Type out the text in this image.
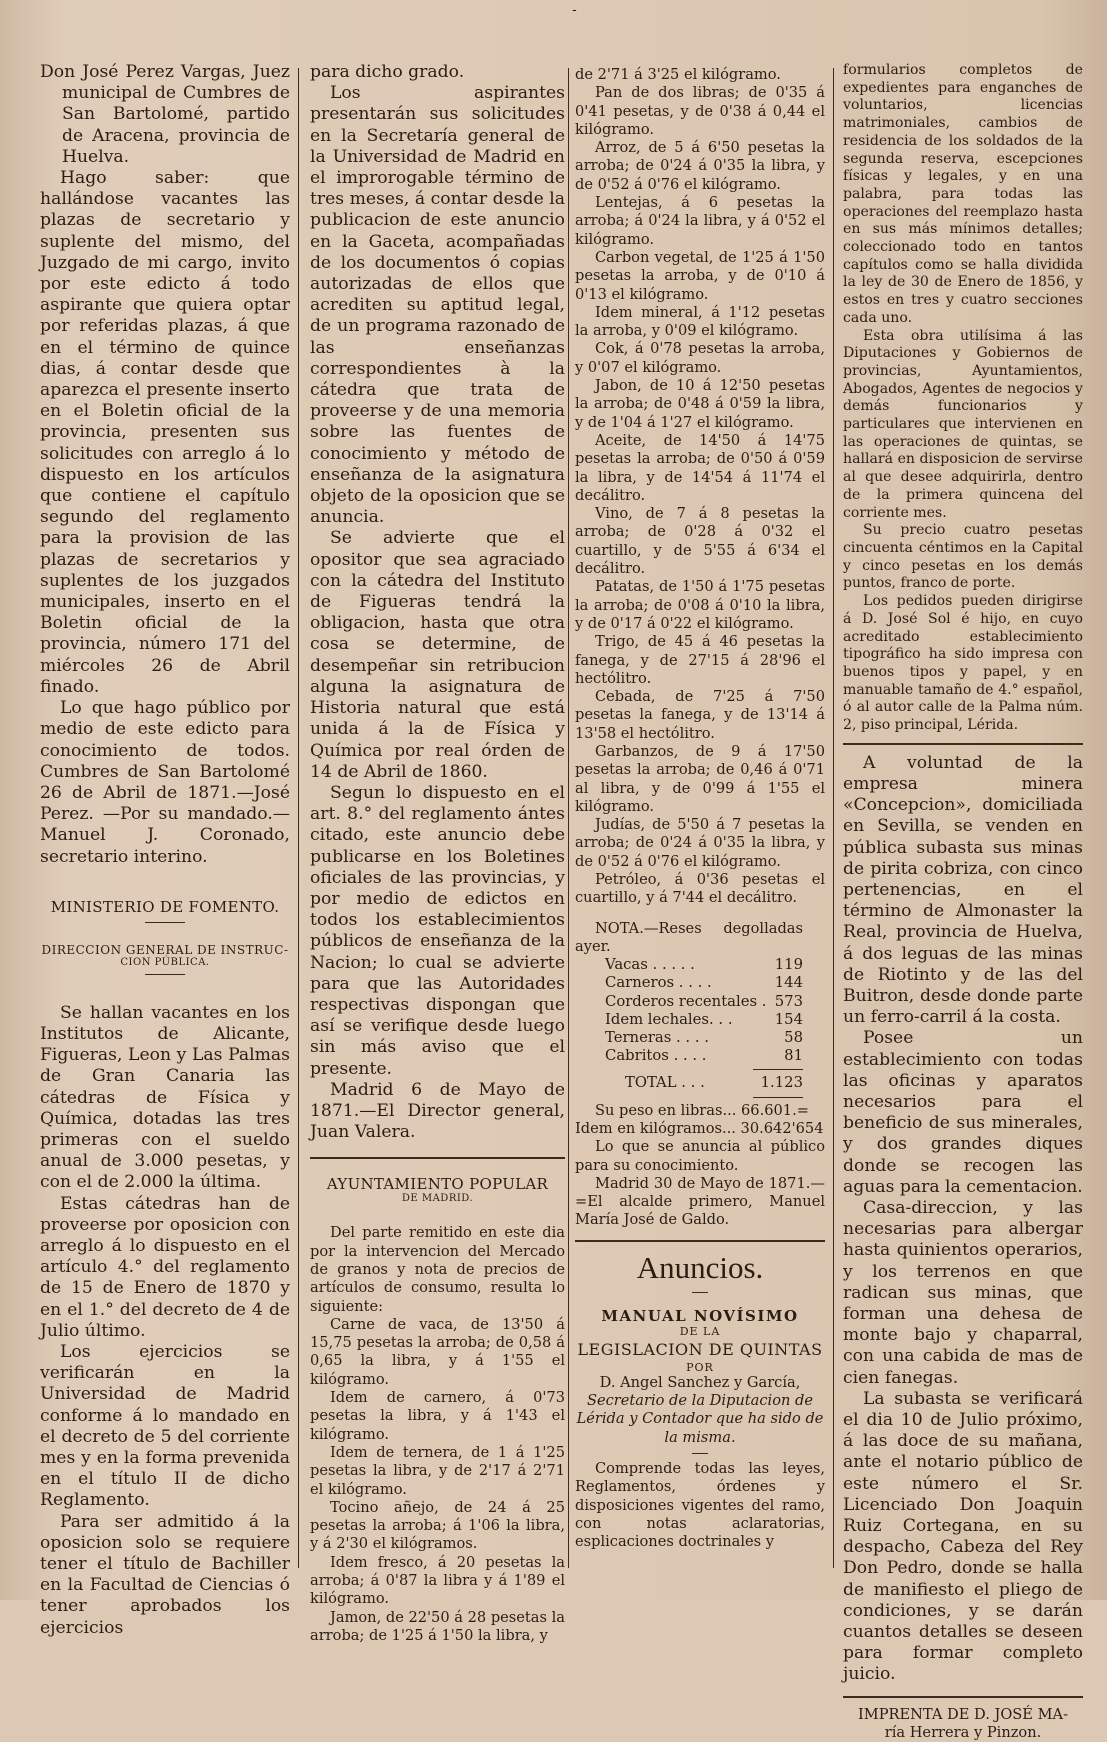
-

Don José Perez Vargas, Juez municipal de Cumbres de San Bartolomé, partido de Aracena, provincia de Huelva.

Hago saber: que hallándose vacantes las plazas de secretario y suplente del mismo, del Juzgado de mi cargo, invito por este edicto á todo aspirante que quiera optar por referidas plazas, á que en el término de quince dias, á contar desde que aparezca el presente inserto en el Boletin oficial de la provincia, presenten sus solicitudes con arreglo á lo dispuesto en los artículos que contiene el capítulo segundo del reglamento para la provision de las plazas de secretarios y suplentes de los juzgados municipales, inserto en el Boletin oficial de la provincia, número 171 del miércoles 26 de Abril finado.

Lo que hago público por medio de este edicto para conocimiento de todos. Cumbres de San Bartolomé 26 de Abril de 1871.—José Perez. —Por su mandado.—Manuel J. Coronado, secretario interino.

MINISTERIO DE FOMENTO.

DIRECCION GENERAL DE INSTRUC-

CION PÚBLICA.

Se hallan vacantes en los Institutos de Alicante, Figueras, Leon y Las Palmas de Gran Canaria las cátedras de Física y Química, dotadas las tres primeras con el sueldo anual de 3.000 pesetas, y con el de 2.000 la última.

Estas cátedras han de proveerse por oposicion con arreglo á lo dispuesto en el artículo 4.° del reglamento de 15 de Enero de 1870 y en el 1.° del decreto de 4 de Julio último.

Los ejercicios se verificarán en la Universidad de Madrid conforme á lo mandado en el decreto de 5 del corriente mes y en la forma prevenida en el título II de dicho Reglamento.

Para ser admitido á la oposicion solo se requiere tener el título de Bachiller en la Facultad de Ciencias ó tener aprobados los ejercicios

para dicho grado.

Los aspirantes presentarán sus solicitudes en la Secretaría general de la Universidad de Madrid en el improrogable término de tres meses, á contar desde la publicacion de este anuncio en la Gaceta, acompañadas de los documentos ó copias autorizadas de ellos que acrediten su aptitud legal, de un programa razonado de las enseñanzas correspondientes à la cátedra que trata de proveerse y de una memoria sobre las fuentes de conocimiento y método de enseñanza de la asignatura objeto de la oposicion que se anuncia.

Se advierte que el opositor que sea agraciado con la cátedra del Instituto de Figueras tendrá la obligacion, hasta que otra cosa se determine, de desempeñar sin retribucion alguna la asignatura de Historia natural que está unida á la de Física y Química por real órden de 14 de Abril de 1860.

Segun lo dispuesto en el art. 8.° del reglamento ántes citado, este anuncio debe publicarse en los Boletines oficiales de las provincias, y por medio de edictos en todos los establecimientos públicos de enseñanza de la Nacion; lo cual se advierte para que las Autoridades respectivas dispongan que así se verifique desde luego sin más aviso que el presente.

Madrid 6 de Mayo de 1871.—El Director general, Juan Valera.

AYUNTAMIENTO POPULAR

DE MADRID.

Del parte remitido en este dia por la intervencion del Mercado de granos y nota de precios de artículos de consumo, resulta lo siguiente:

Carne de vaca, de 13'50 á 15,75 pesetas la arroba; de 0,58 á 0,65 la libra, y á 1'55 el kilógramo.

Idem de carnero, á 0'73 pesetas la libra, y á 1'43 el kilógramo.

Idem de ternera, de 1 á 1'25 pesetas la libra, y de 2'17 á 2'71 el kilógramo.

Tocino añejo, de 24 á 25 pesetas la arroba; á 1'06 la libra, y á 2'30 el kilógramos.

Idem fresco, á 20 pesetas la arroba; á 0'87 la libra y á 1'89 el kilógramo.

Jamon, de 22'50 á 28 pesetas la arroba; de 1'25 á 1'50 la libra, y

de 2'71 á 3'25 el kilógramo.

Pan de dos libras; de 0'35 á 0'41 pesetas, y de 0'38 á 0,44 el kilógramo.

Arroz, de 5 á 6'50 pesetas la arroba; de 0'24 á 0'35 la libra, y de 0'52 á 0'76 el kilógramo.

Lentejas, á 6 pesetas la arroba; á 0'24 la libra, y á 0'52 el kilógramo.

Carbon vegetal, de 1'25 á 1'50 pesetas la arroba, y de 0'10 á 0'13 el kilógramo.

Idem mineral, á 1'12 pesetas la arroba, y 0'09 el kilógramo.

Cok, á 0'78 pesetas la arroba, y 0'07 el kilógramo.

Jabon, de 10 á 12'50 pesetas la arroba; de 0'48 á 0'59 la libra, y de 1'04 á 1'27 el kilógramo.

Aceite, de 14'50 á 14'75 pesetas la arroba; de 0'50 á 0'59 la libra, y de 14'54 á 11'74 el decálitro.

Vino, de 7 á 8 pesetas la arroba; de 0'28 á 0'32 el cuartillo, y de 5'55 á 6'34 el decálitro.

Patatas, de 1'50 á 1'75 pesetas la arroba; de 0'08 á 0'10 la libra, y de 0'17 á 0'22 el kilógramo.

Trigo, de 45 á 46 pesetas la fanega, y de 27'15 á 28'96 el hectólitro.

Cebada, de 7'25 á 7'50 pesetas la fanega, y de 13'14 á 13'58 el hectólitro.

Garbanzos, de 9 á 17'50 pesetas la arroba; de 0,46 á 0'71 al libra, y de 0'99 á 1'55 el kilógramo.

Judías, de 5'50 á 7 pesetas la arroba; de 0'24 á 0'35 la libra, y de 0'52 á 0'76 el kilógramo.

Petróleo, á 0'36 pesetas el cuartillo, y á 7'44 el decálitro.

NOTA.—Reses degolladas ayer.

Vacas . . . . .	119
Carneros . . . .	144
Corderos recentales . 573
Idem lechales. . .	154
Terneras . . . .	58
Cabritos . . . .	81
TOTAL . . .	1.123

Su peso en libras... 66.601.=

Idem en kilógramos... 30.642'654

Lo que se anuncia al público para su conocimiento.

Madrid 30 de Mayo de 1871.— =El alcalde primero, Manuel María José de Galdo.

Anuncios.

MANUAL NOVÍSIMO

DE LA

LEGISLACION DE QUINTAS

POR

D. Angel Sanchez y García,

Secretario de la Diputacion de Lérida y Contador que ha sido de la misma.

Comprende todas las leyes, Reglamentos, órdenes y disposiciones vigentes del ramo, con notas aclaratorias, esplicaciones doctrinales y

formularios completos de expedientes para enganches de voluntarios, licencias matrimoniales, cambios de residencia de los soldados de la segunda reserva, escepciones físicas y legales, y en una palabra, para todas las operaciones del reemplazo hasta en sus más mínimos detalles; coleccionado todo en tantos capítulos como se halla dividida la ley de 30 de Enero de 1856, y estos en tres y cuatro secciones cada uno.

Esta obra utilísima á las Diputaciones y Gobiernos de provincias, Ayuntamientos, Abogados, Agentes de negocios y demás funcionarios y particulares que intervienen en las operaciones de quintas, se hallará en disposicion de servirse al que desee adquirirla, dentro de la primera quincena del corriente mes.

Su precio cuatro pesetas cincuenta céntimos en la Capital y cinco pesetas en los demás puntos, franco de porte.

Los pedidos pueden dirigirse á D. José Sol é hijo, en cuyo acreditado establecimiento tipográfico ha sido impresa con buenos tipos y papel, y en manuable tamaño de 4.° español, ó al autor calle de la Palma núm. 2, piso principal, Lérida.

A voluntad de la empresa minera «Concepcion», domiciliada en Sevilla, se venden en pública subasta sus minas de pirita cobriza, con cinco pertenencias, en el término de Almonaster la Real, provincia de Huelva, á dos leguas de las minas de Riotinto y de las del Buitron, desde donde parte un ferro-carril á la costa.

Posee un establecimiento con todas las oficinas y aparatos necesarios para el beneficio de sus minerales, y dos grandes diques donde se recogen las aguas para la cementacion.

Casa-direccion, y las necesarias para albergar hasta quinientos operarios, y los terrenos en que radican sus minas, que forman una dehesa de monte bajo y chaparral, con una cabida de mas de cien fanegas.

La subasta se verificará el dia 10 de Julio próximo, á las doce de su mañana, ante el notario público de este número el Sr. Licenciado Don Joaquin Ruiz Cortegana, en su despacho, Cabeza del Rey Don Pedro, donde se halla de manifiesto el pliego de condiciones, y se darán cuantos detalles se deseen para formar completo juicio.

IMPRENTA DE D. JOSÉ MA-

ría Herrera y Pinzon.
